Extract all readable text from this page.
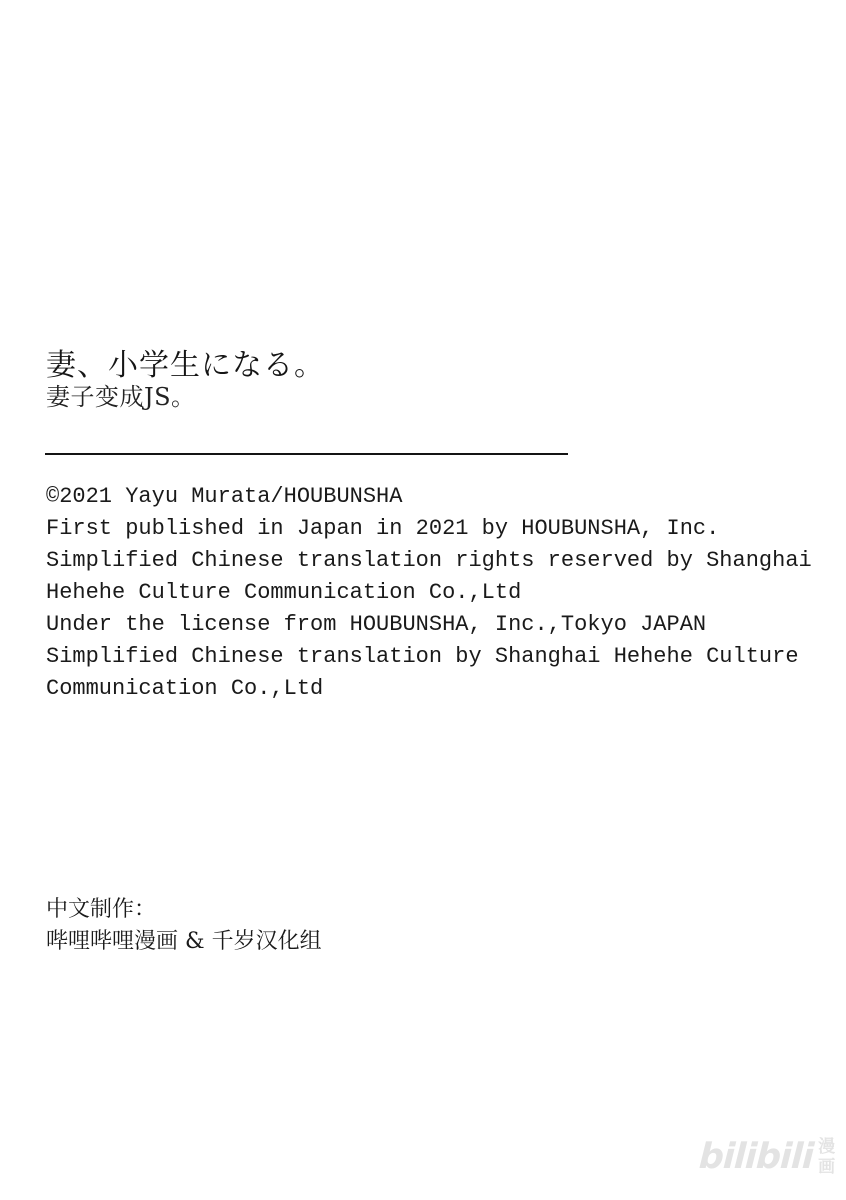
妻、小学生になる。
妻子变成JS。
©2021 Yayu Murata/HOUBUNSHA
First published in Japan in 2021 by HOUBUNSHA, Inc.
Simplified Chinese translation rights reserved by Shanghai
Hehehe Culture Communication Co.,Ltd
Under the license from HOUBUNSHA, Inc.,Tokyo JAPAN
Simplified Chinese translation by Shanghai Hehehe Culture
Communication Co.,Ltd
中文制作：
哔哩哔哩漫画 & 千岁汉化组
bilibili 漫
画
